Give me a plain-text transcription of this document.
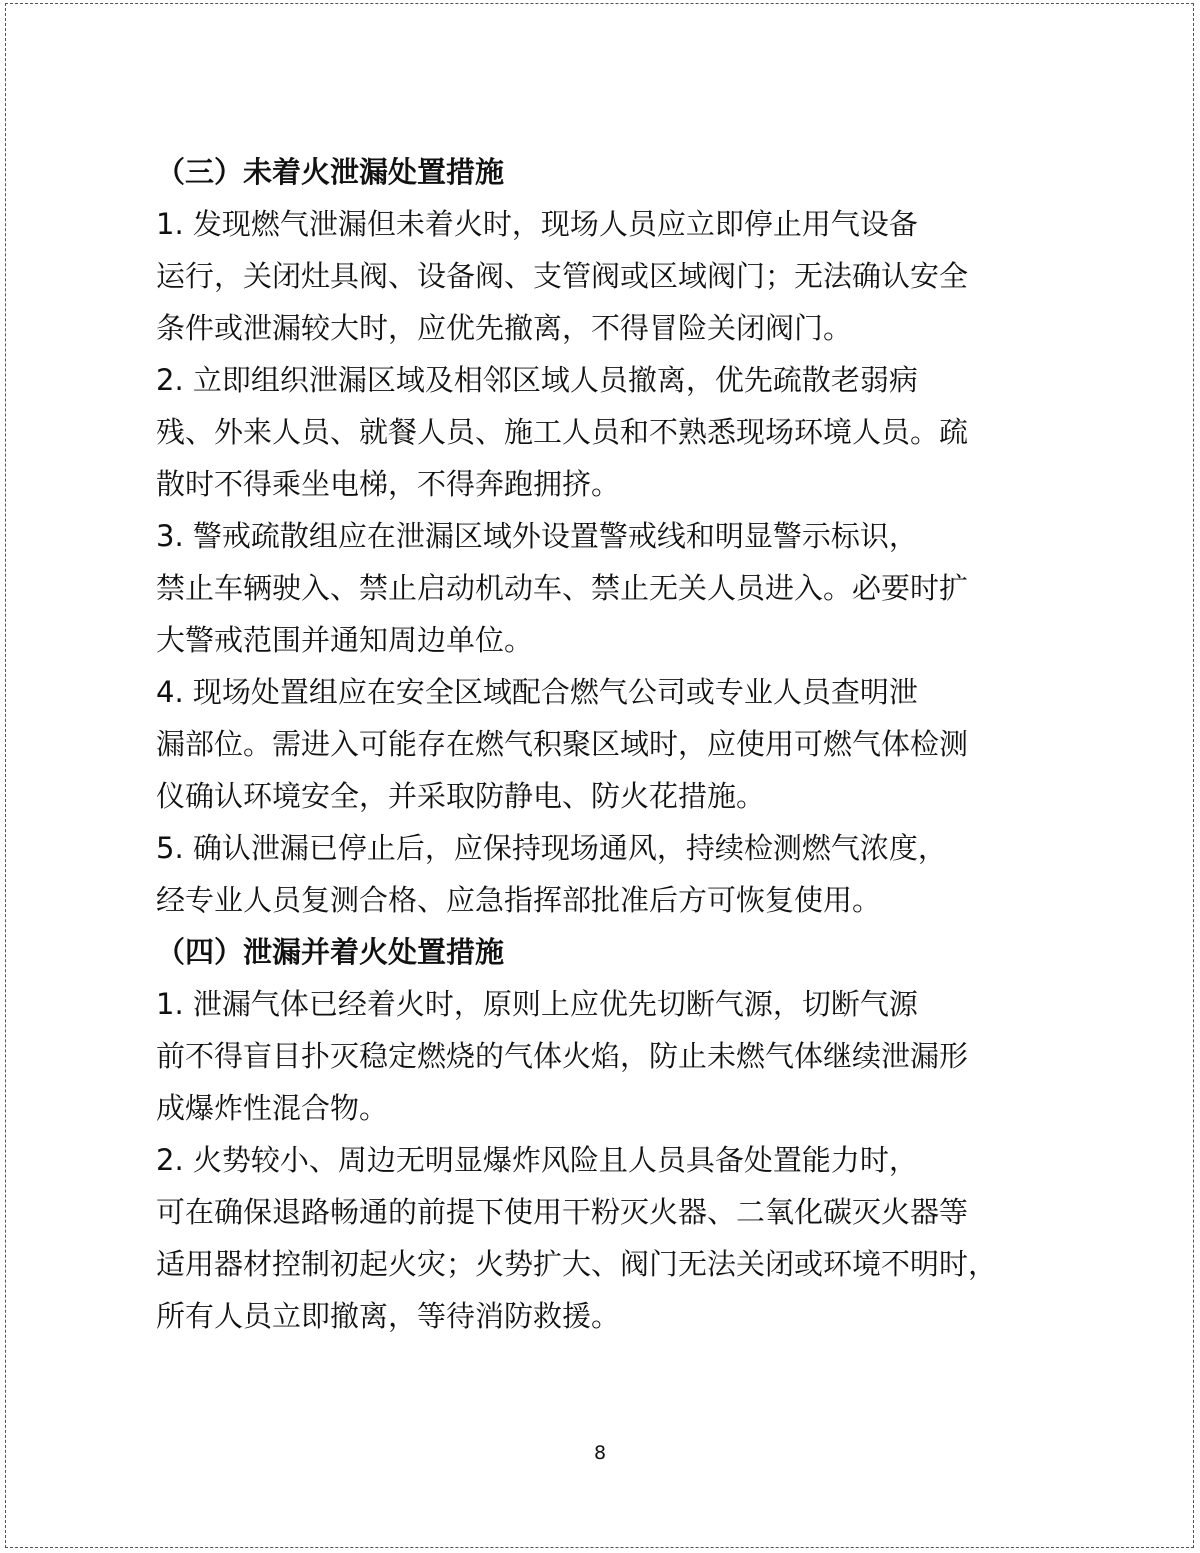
（三）未着火泄漏处置措施

1. 发现燃气泄漏但未着火时，现场人员应立即停止用气设备
运行，关闭灶具阀、设备阀、支管阀或区域阀门；无法确认安全
条件或泄漏较大时，应优先撤离，不得冒险关闭阀门。

2. 立即组织泄漏区域及相邻区域人员撤离，优先疏散老弱病
残、外来人员、就餐人员、施工人员和不熟悉现场环境人员。疏
散时不得乘坐电梯，不得奔跑拥挤。

3. 警戒疏散组应在泄漏区域外设置警戒线和明显警示标识，
禁止车辆驶入、禁止启动机动车、禁止无关人员进入。必要时扩
大警戒范围并通知周边单位。

4. 现场处置组应在安全区域配合燃气公司或专业人员查明泄
漏部位。需进入可能存在燃气积聚区域时，应使用可燃气体检测
仪确认环境安全，并采取防静电、防火花措施。

5. 确认泄漏已停止后，应保持现场通风，持续检测燃气浓度，
经专业人员复测合格、应急指挥部批准后方可恢复使用。

（四）泄漏并着火处置措施

1. 泄漏气体已经着火时，原则上应优先切断气源，切断气源
前不得盲目扑灭稳定燃烧的气体火焰，防止未燃气体继续泄漏形
成爆炸性混合物。

2. 火势较小、周边无明显爆炸风险且人员具备处置能力时，
可在确保退路畅通的前提下使用干粉灭火器、二氧化碳灭火器等
适用器材控制初起火灾；火势扩大、阀门无法关闭或环境不明时，
所有人员立即撤离，等待消防救援。

8
